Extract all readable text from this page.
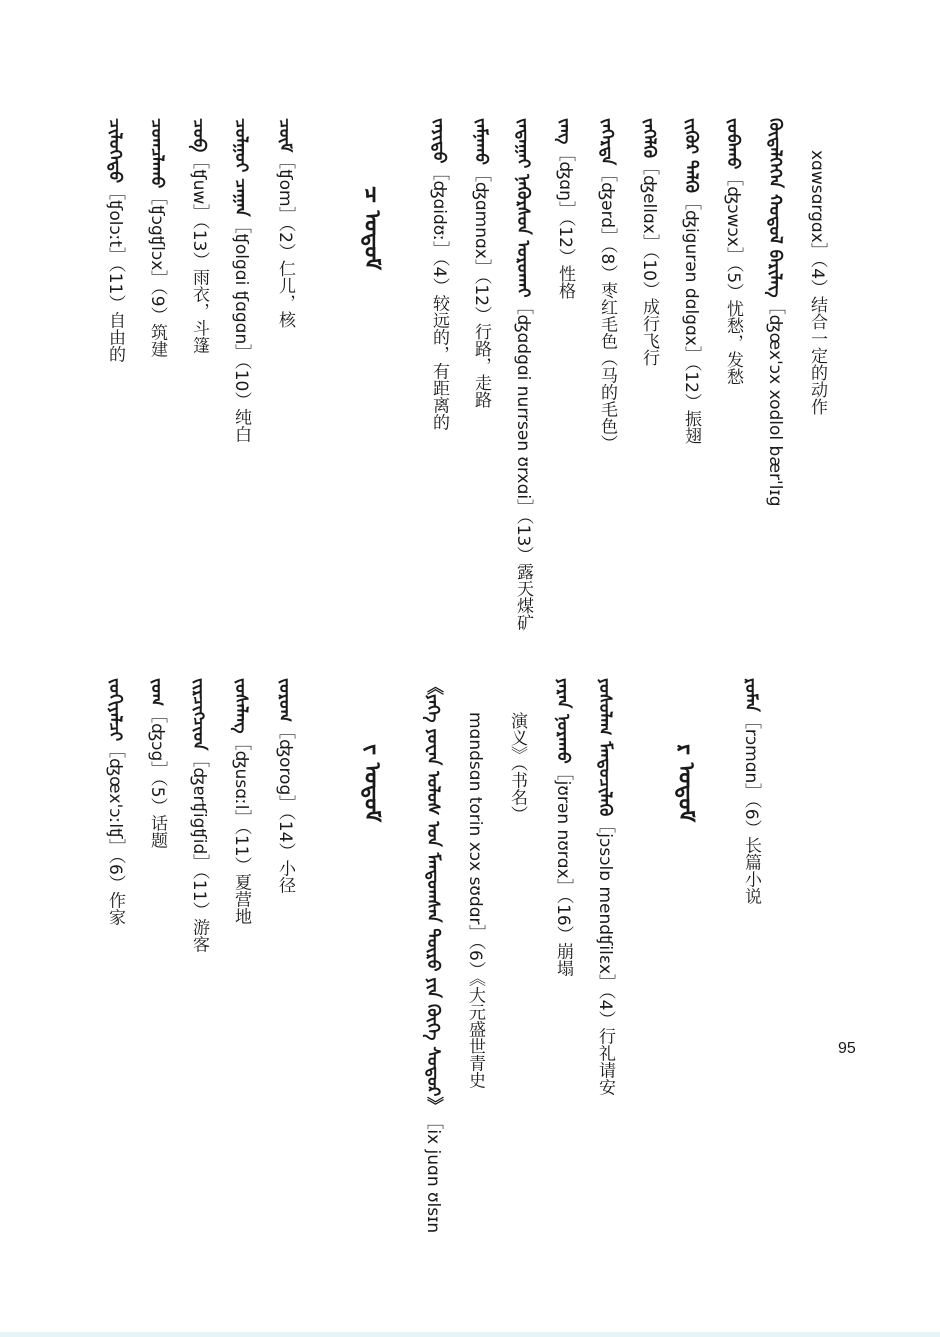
xɑwsɑrgɑx］（4）结合一定的动作
ᠬᠦᠳᠡᠯᠭᠡᠭᠡᠨ ᠬᠣᠳᠣᠯ ᠪᠡᠷᠢᠯᠡᠭ［ʤœx'ɔx xodlol bær'lɪg
ᠵᠣᠪᠠᠬᠤ［ʤɔwɔx］（5）忧愁，发愁
ᠵᠢᠭᠦᠷ ᠳᠡᠯᠬᠦ［ʤigurən dɑlgɑx］（12）振翅
ᠵᠡᠭᠡᠯᠬᠦ［ʤellɑx］（10）成行飞行
ᠵᠡᠭᠡᠷᠳᠡ［ʤərd］（8）枣红毛色（马的毛色）
ᠵᠠᠩ［ʤɑŋ］（12）性格
ᠵᠠᠳᠠᠭᠠᠢ ᠨᠡᠭᠦᠷᠰᠦᠨ ᠤᠷᠤᠬᠠᠢ［ʤɑdgɑi nurrsən ʊrxɑi］（13）露天煤矿
ᠵᠠᠮᠨᠠᠬᠤ［ʤɑmnɑx］（12）行路，走路
ᠵᠠᠶᠢᠳᠤ［ʤɑidʊː］（4）较远的，有距离的
ᠴ ᠤᠳᠤᠮ
ᠴᠥᠮ［ʧom］（2）仁儿，核
ᠴᠣᠯᠭᠣᠢ ᠴᠠᠭᠠᠨ［ʧolgɑi ʧɑgɑn］（10）纯白
ᠴᠤᠪ［ʧuw］（13）雨衣，斗篷
ᠴᠣᠭᠴᠯᠠᠬᠤ［ʧɔgʧlɔx］（9）筑建
ᠴᠢᠯᠦᠭᠡᠲᠦ［ʧolɔːt］（11）自由的
ᠷᠣᠮᠠᠨ［rɔmɑn］（6）长篇小说
ᠷ ᠤᠳᠤᠮ
ᠶᠣᠰᠣᠯᠠᠭ ᠮᠡᠨᠳᠦᠴᠢᠯᠡᠬᠦ［jɔsɔlɒ mendʧilɛx］（4）行礼请安
ᠶᠡᠷᠠᠨ ᠨᠤᠷᠠᠬᠤ［jʊrən nʊrɑx］（16）崩塌
演义》（书名）
mɑndsɑn torin xɔx sʊdɑr］（6）《大元盛世青史
《ᠶᠡᠬᠡ ᠶᠤᠸᠠᠨ ᠤᠯᠤᠰ ᠤᠨ ᠮᠠᠨᠳᠤᠭᠰᠠᠨ ᠲᠥᠷᠦ ᠶᠢᠨ ᠬᠥᠬᠡ ᠰᠤᠳᠤᠷ》［ix juɑn ʊlsɪn
ᠵ ᠤᠳᠤᠮ
ᠵᠣᠷᠣᠭ［ʤorog］（14）小径
ᠵᠤᠰᠠᠯᠠᠩ［ʤusɑːl］（11）夏营地
ᠵᠢᠷᠴᠢᠭᠴᠢᠳ［ʤɐrʧigʧid］（11）游客
ᠵᠣᠭ［ʤɔg］（5）话题
ᠵᠣᠬᠢᠶᠠᠯᠴᠢ［ʤœx'ɔːlʧ］（6）作家
95
